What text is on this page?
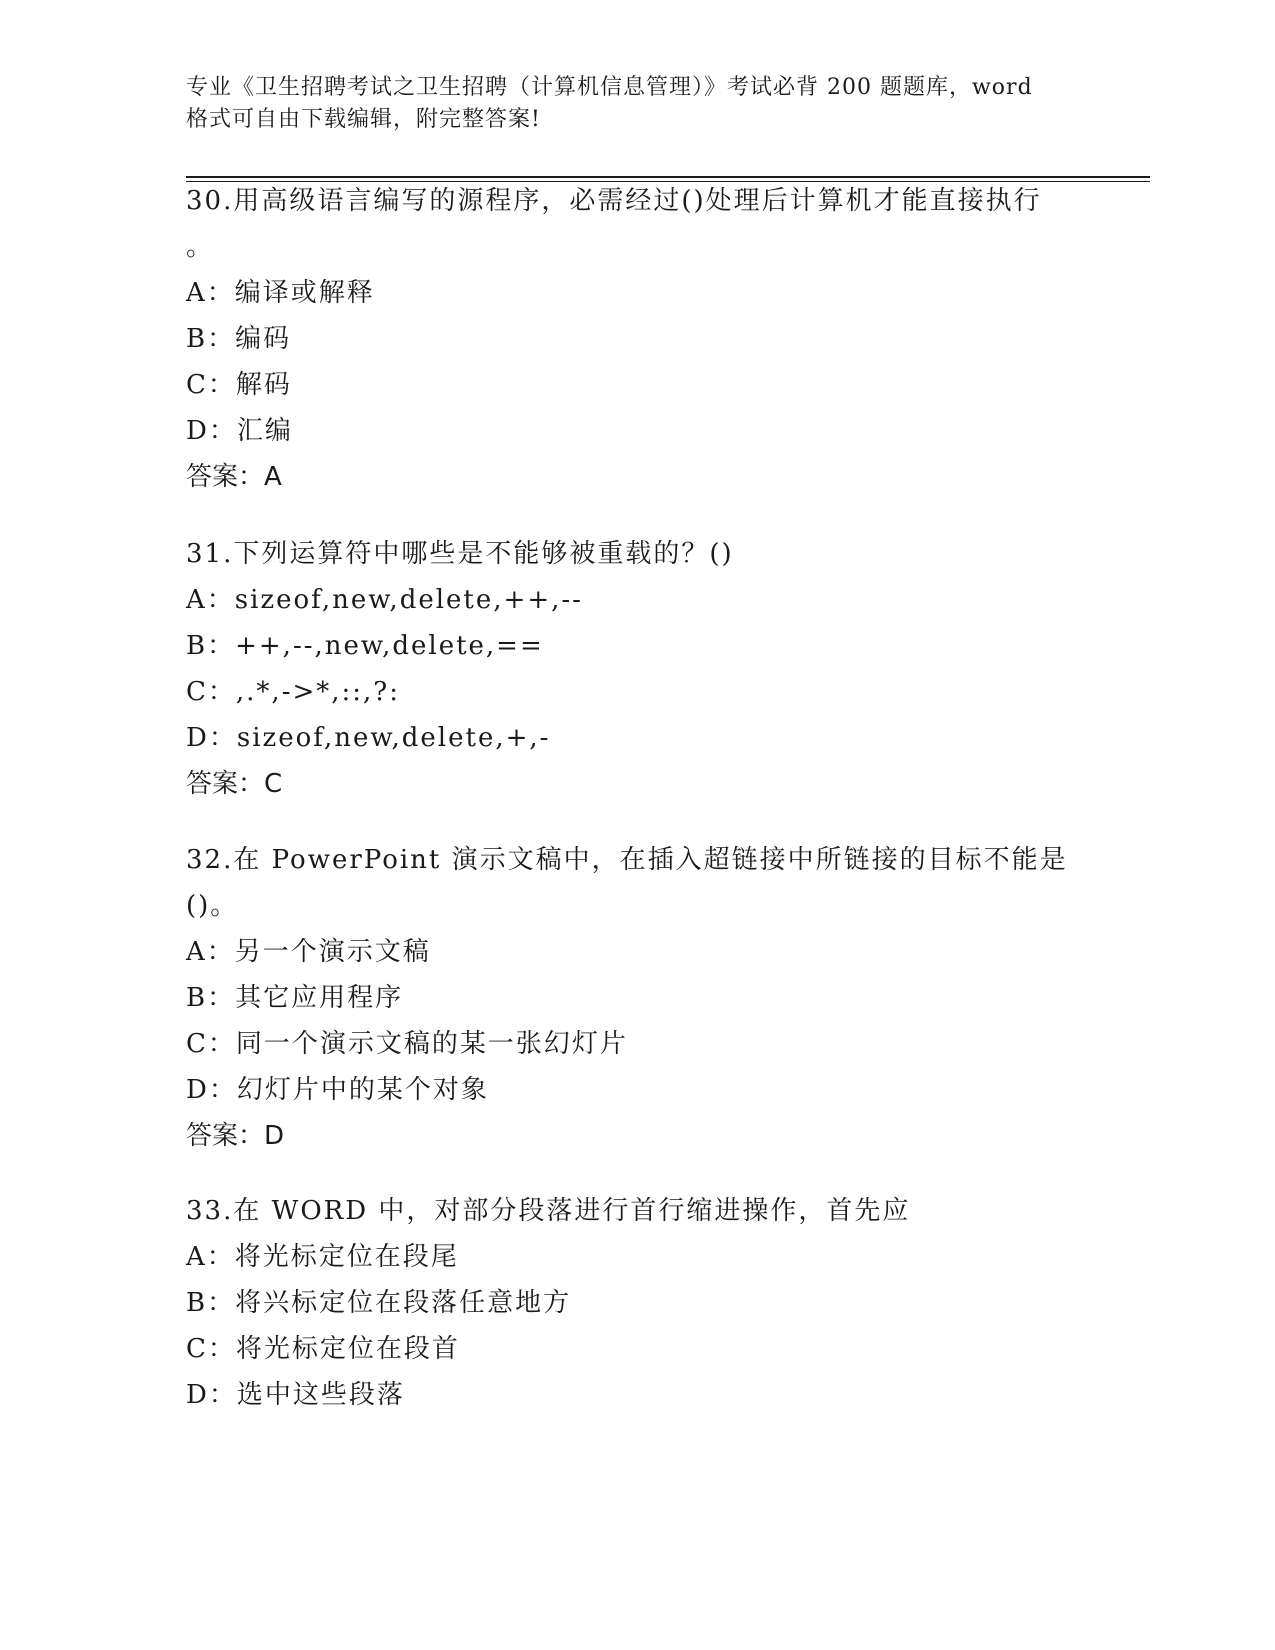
专业《卫生招聘考试之卫生招聘（计算机信息管理）》考试必背 200 题题库，word
格式可自由下载编辑，附完整答案!
30.用高级语言编写的源程序，必需经过()处理后计算机才能直接执行
。
A：编译或解释
B：编码
C：解码
D：汇编
答案：A
31.下列运算符中哪些是不能够被重载的？()
A：sizeof,new,delete,++,--
B：++,--,new,delete,==
C：,.*,->*,::,?:
D：sizeof,new,delete,+,-
答案：C
32.在 PowerPoint 演示文稿中，在插入超链接中所链接的目标不能是
()。
A：另一个演示文稿
B：其它应用程序
C：同一个演示文稿的某一张幻灯片
D：幻灯片中的某个对象
答案：D
33.在 WORD 中，对部分段落进行首行缩进操作，首先应
A：将光标定位在段尾
B：将兴标定位在段落任意地方
C：将光标定位在段首
D：选中这些段落
